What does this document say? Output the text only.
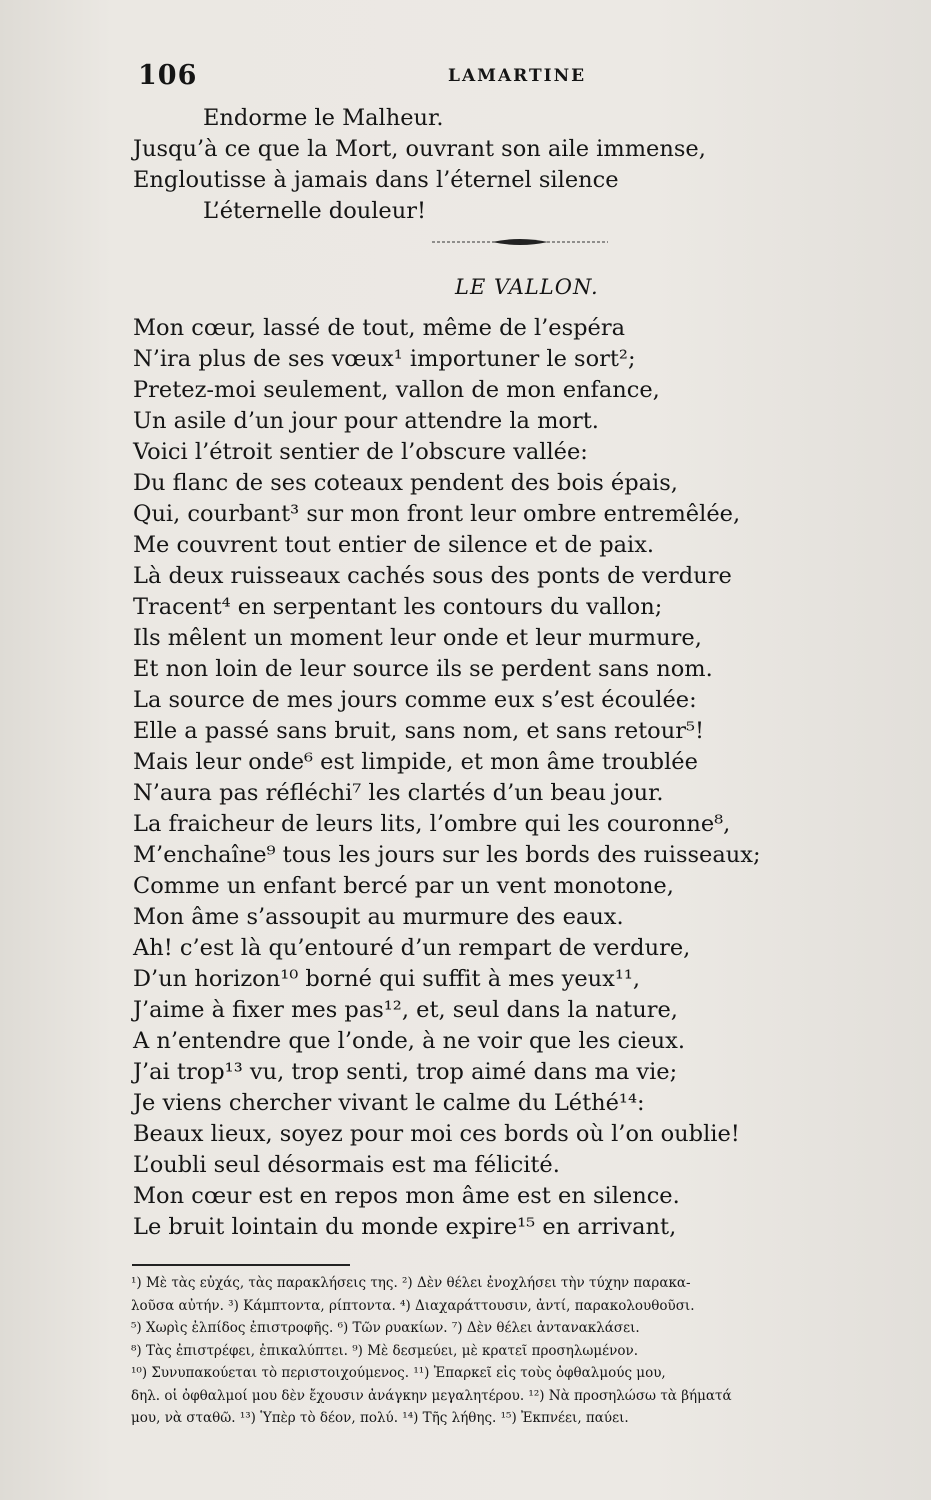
106	LAMARTINE
Endorme le Malheur.
Jusqu’à ce que la Mort, ouvrant son aile immense,
Engloutisse à jamais dans l’éternel silence
L’éternelle douleur!
LE VALLON.
Mon cœur, lassé de tout, même de l’espéra
N’ira plus de ses vœux¹ importuner le sort²;
Pretez-moi seulement, vallon de mon enfance,
Un asile d’un jour pour attendre la mort.
Voici l’étroit sentier de l’obscure vallée:
Du flanc de ses coteaux pendent des bois épais,
Qui, courbant³ sur mon front leur ombre entremêlée,
Me couvrent tout entier de silence et de paix.
Là deux ruisseaux cachés sous des ponts de verdure
Tracent⁴ en serpentant les contours du vallon;
Ils mêlent un moment leur onde et leur murmure,
Et non loin de leur source ils se perdent sans nom.
La source de mes jours comme eux s’est écoulée:
Elle a passé sans bruit, sans nom, et sans retour⁵!
Mais leur onde⁶ est limpide, et mon âme troublée
N’aura pas réfléchi⁷ les clartés d’un beau jour.
La fraicheur de leurs lits, l’ombre qui les couronne⁸,
M’enchaîne⁹ tous les jours sur les bords des ruisseaux;
Comme un enfant bercé par un vent monotone,
Mon âme s’assoupit au murmure des eaux.
Ah! c’est là qu’entouré d’un rempart de verdure,
D’un horizon¹⁰ borné qui suffit à mes yeux¹¹,
J’aime à fixer mes pas¹², et, seul dans la nature,
A n’entendre que l’onde, à ne voir que les cieux.
J’ai trop¹³ vu, trop senti, trop aimé dans ma vie;
Je viens chercher vivant le calme du Léthé¹⁴:
Beaux lieux, soyez pour moi ces bords où l’on oublie!
L’oubli seul désormais est ma félicité.
Mon cœur est en repos mon âme est en silence.
Le bruit lointain du monde expire¹⁵ en arrivant,
¹) Μὲ τὰς εὐχάς, τὰς παρακλήσεις της. ²) Δὲν θέλει ἐνοχλήσει τὴν τύχην παρακα-
λοῦσα αὐτήν. ³) Κάμπτοντα, ρίπτοντα. ⁴) Διαχαράττουσιν, ἀντί, παρακολουθοῦσι.
⁵) Χωρὶς ἐλπίδος ἐπιστροφῆς. ⁶) Τῶν ρυακίων. ⁷) Δὲν θέλει ἀντανακλάσει.
⁸) Τὰς ἐπιστρέφει, ἐπικαλύπτει. ⁹) Μὲ δεσμεύει, μὲ κρατεῖ προσηλωμένον.
¹⁰) Συνυπακούεται τὸ περιστοιχούμενος. ¹¹) Ἐπαρκεῖ εἰς τοὺς ὀφθαλμούς μου,
δηλ. οἱ ὀφθαλμοί μου δὲν ἔχουσιν ἀνάγκην μεγαλητέρου. ¹²) Νὰ προσηλώσω τὰ βήματά
μου, νὰ σταθῶ. ¹³) Ὑπὲρ τὸ δέον, πολύ. ¹⁴) Τῆς λήθης. ¹⁵) Ἐκπνέει, παύει.
